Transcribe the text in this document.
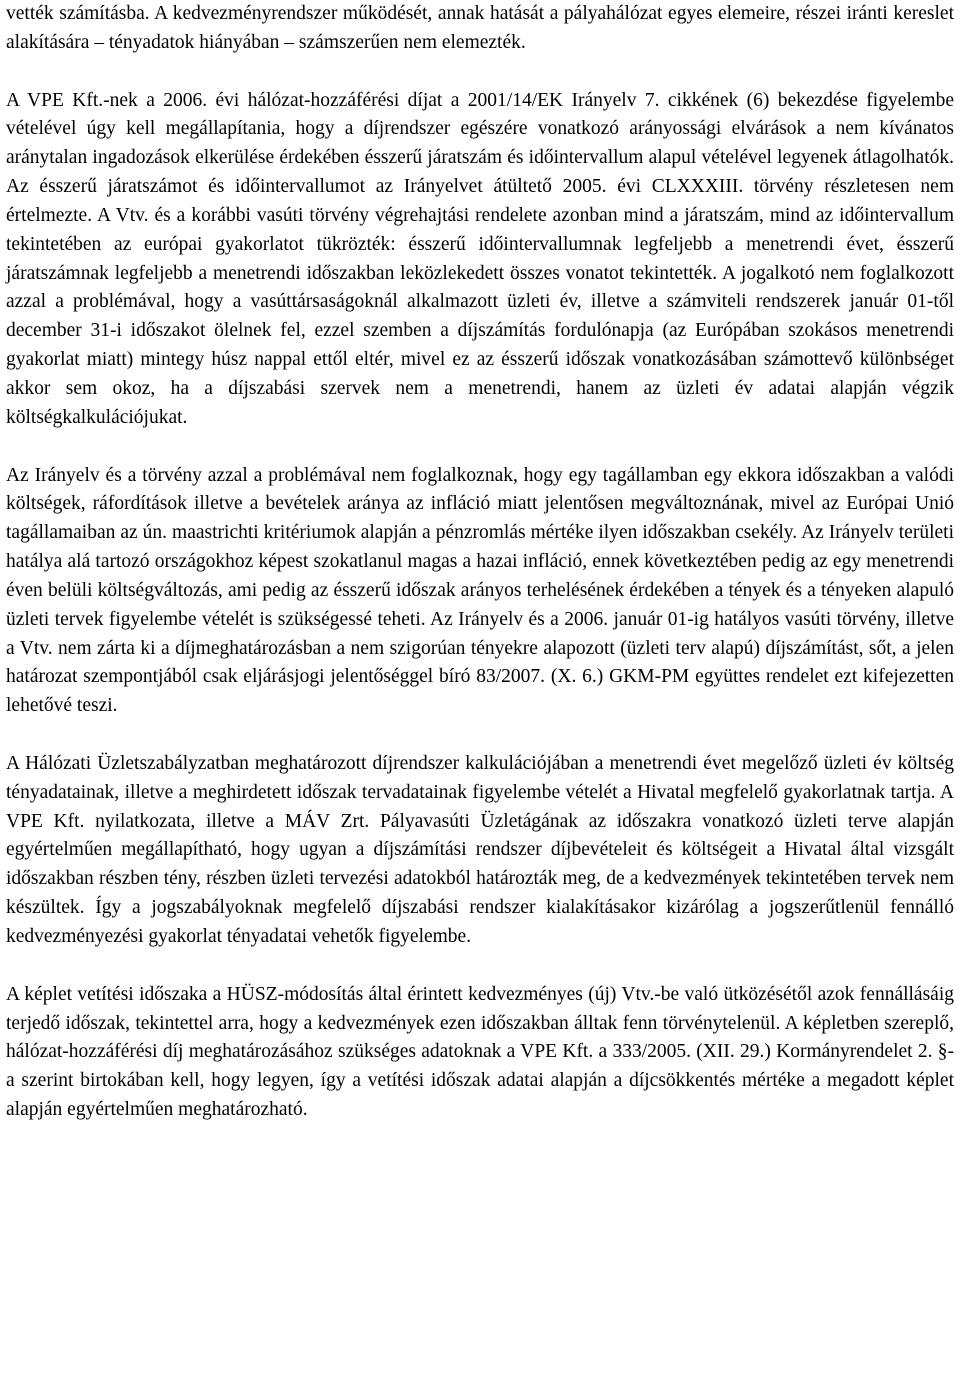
vették számításba. A kedvezményrendszer működését, annak hatását a pályahálózat egyes elemeire, részei iránti kereslet alakítására – tényadatok hiányában – számszerűen nem elemezték.

A VPE Kft.-nek a 2006. évi hálózat-hozzáférési díjat a 2001/14/EK Irányelv 7. cikkének (6) bekezdése figyelembe vételével úgy kell megállapítania, hogy a díjrendszer egészére vonatkozó arányossági elvárások a nem kívánatos aránytalan ingadozások elkerülése érdekében ésszerű járatszám és időintervallum alapul vételével legyenek átlagolhatók. Az ésszerű járatszámot és időintervallumot az Irányelvet átültető 2005. évi CLXXXIII. törvény részletesen nem értelmezte. A Vtv. és a korábbi vasúti törvény végrehajtási rendelete azonban mind a járatszám, mind az időintervallum tekintetében az európai gyakorlatot tükrözték: ésszerű időintervallumnak legfeljebb a menetrendi évet, ésszerű járatszámnak legfeljebb a menetrendi időszakban leközlekedett összes vonatot tekintették. A jogalkotó nem foglalkozott azzal a problémával, hogy a vasúttársaságoknál alkalmazott üzleti év, illetve a számviteli rendszerek január 01-től december 31-i időszakot ölelnek fel, ezzel szemben a díjszámítás fordulónapja (az Európában szokásos menetrendi gyakorlat miatt) mintegy húsz nappal ettől eltér, mivel ez az ésszerű időszak vonatkozásában számottevő különbséget akkor sem okoz, ha a díjszabási szervek nem a menetrendi, hanem az üzleti év adatai alapján végzik költségkalkulációjukat.

Az Irányelv és a törvény azzal a problémával nem foglalkoznak, hogy egy tagállamban egy ekkora időszakban a valódi költségek, ráfordítások illetve a bevételek aránya az infláció miatt jelentősen megváltoznának, mivel az Európai Unió tagállamaiban az ún. maastrichti kritériumok alapján a pénzromlás mértéke ilyen időszakban csekély. Az Irányelv területi hatálya alá tartozó országokhoz képest szokatlanul magas a hazai infláció, ennek következtében pedig az egy menetrendi éven belüli költségváltozás, ami pedig az ésszerű időszak arányos terhelésének érdekében a tények és a tényeken alapuló üzleti tervek figyelembe vételét is szükségessé teheti. Az Irányelv és a 2006. január 01-ig hatályos vasúti törvény, illetve a Vtv. nem zárta ki a díjmeghatározásban a nem szigorúan tényekre alapozott (üzleti terv alapú) díjszámítást, sőt, a jelen határozat szempontjából csak eljárásjogi jelentőséggel bíró 83/2007. (X. 6.) GKM-PM együttes rendelet ezt kifejezetten lehetővé teszi.

A Hálózati Üzletszabályzatban meghatározott díjrendszer kalkulációjában a menetrendi évet megelőző üzleti év költség tényadatainak, illetve a meghirdetett időszak tervadatainak figyelembe vételét a Hivatal megfelelő gyakorlatnak tartja. A VPE Kft. nyilatkozata, illetve a MÁV Zrt. Pályavasúti Üzletágának az időszakra vonatkozó üzleti terve alapján egyértelműen megállapítható, hogy ugyan a díjszámítási rendszer díjbevételeit és költségeit a Hivatal által vizsgált időszakban részben tény, részben üzleti tervezési adatokból határozták meg, de a kedvezmények tekintetében tervek nem készültek. Így a jogszabályoknak megfelelő díjszabási rendszer kialakításakor kizárólag a jogszerűtlenül fennálló kedvezményezési gyakorlat tényadatai vehetők figyelembe.

A képlet vetítési időszaka a HÜSZ-módosítás által érintett kedvezményes (új) Vtv.-be való ütközésétől azok fennállásáig terjedő időszak, tekintettel arra, hogy a kedvezmények ezen időszakban álltak fenn törvénytelenül. A képletben szereplő, hálózat-hozzáférési díj meghatározásához szükséges adatoknak a VPE Kft. a 333/2005. (XII. 29.) Kormányrendelet 2. §-a szerint birtokában kell, hogy legyen, így a vetítési időszak adatai alapján a díjcsökkentés mértéke a megadott képlet alapján egyértelműen meghatározható.
